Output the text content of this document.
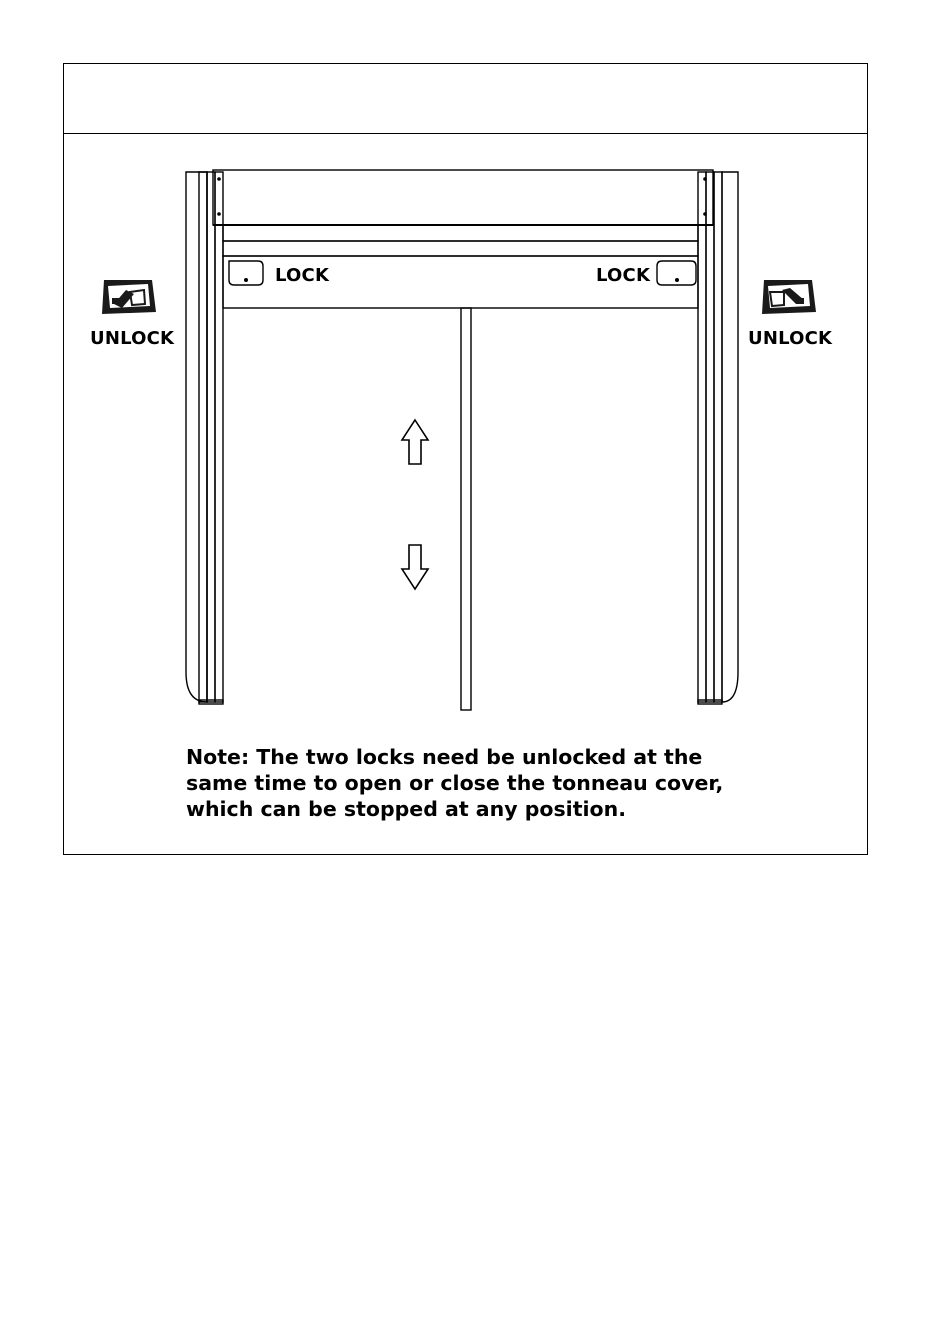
LOCK	LOCK
UNLOCK	UNLOCK
Note: The two locks need be unlocked at the same time to open or close the tonneau cover, which can be stopped at any position.
